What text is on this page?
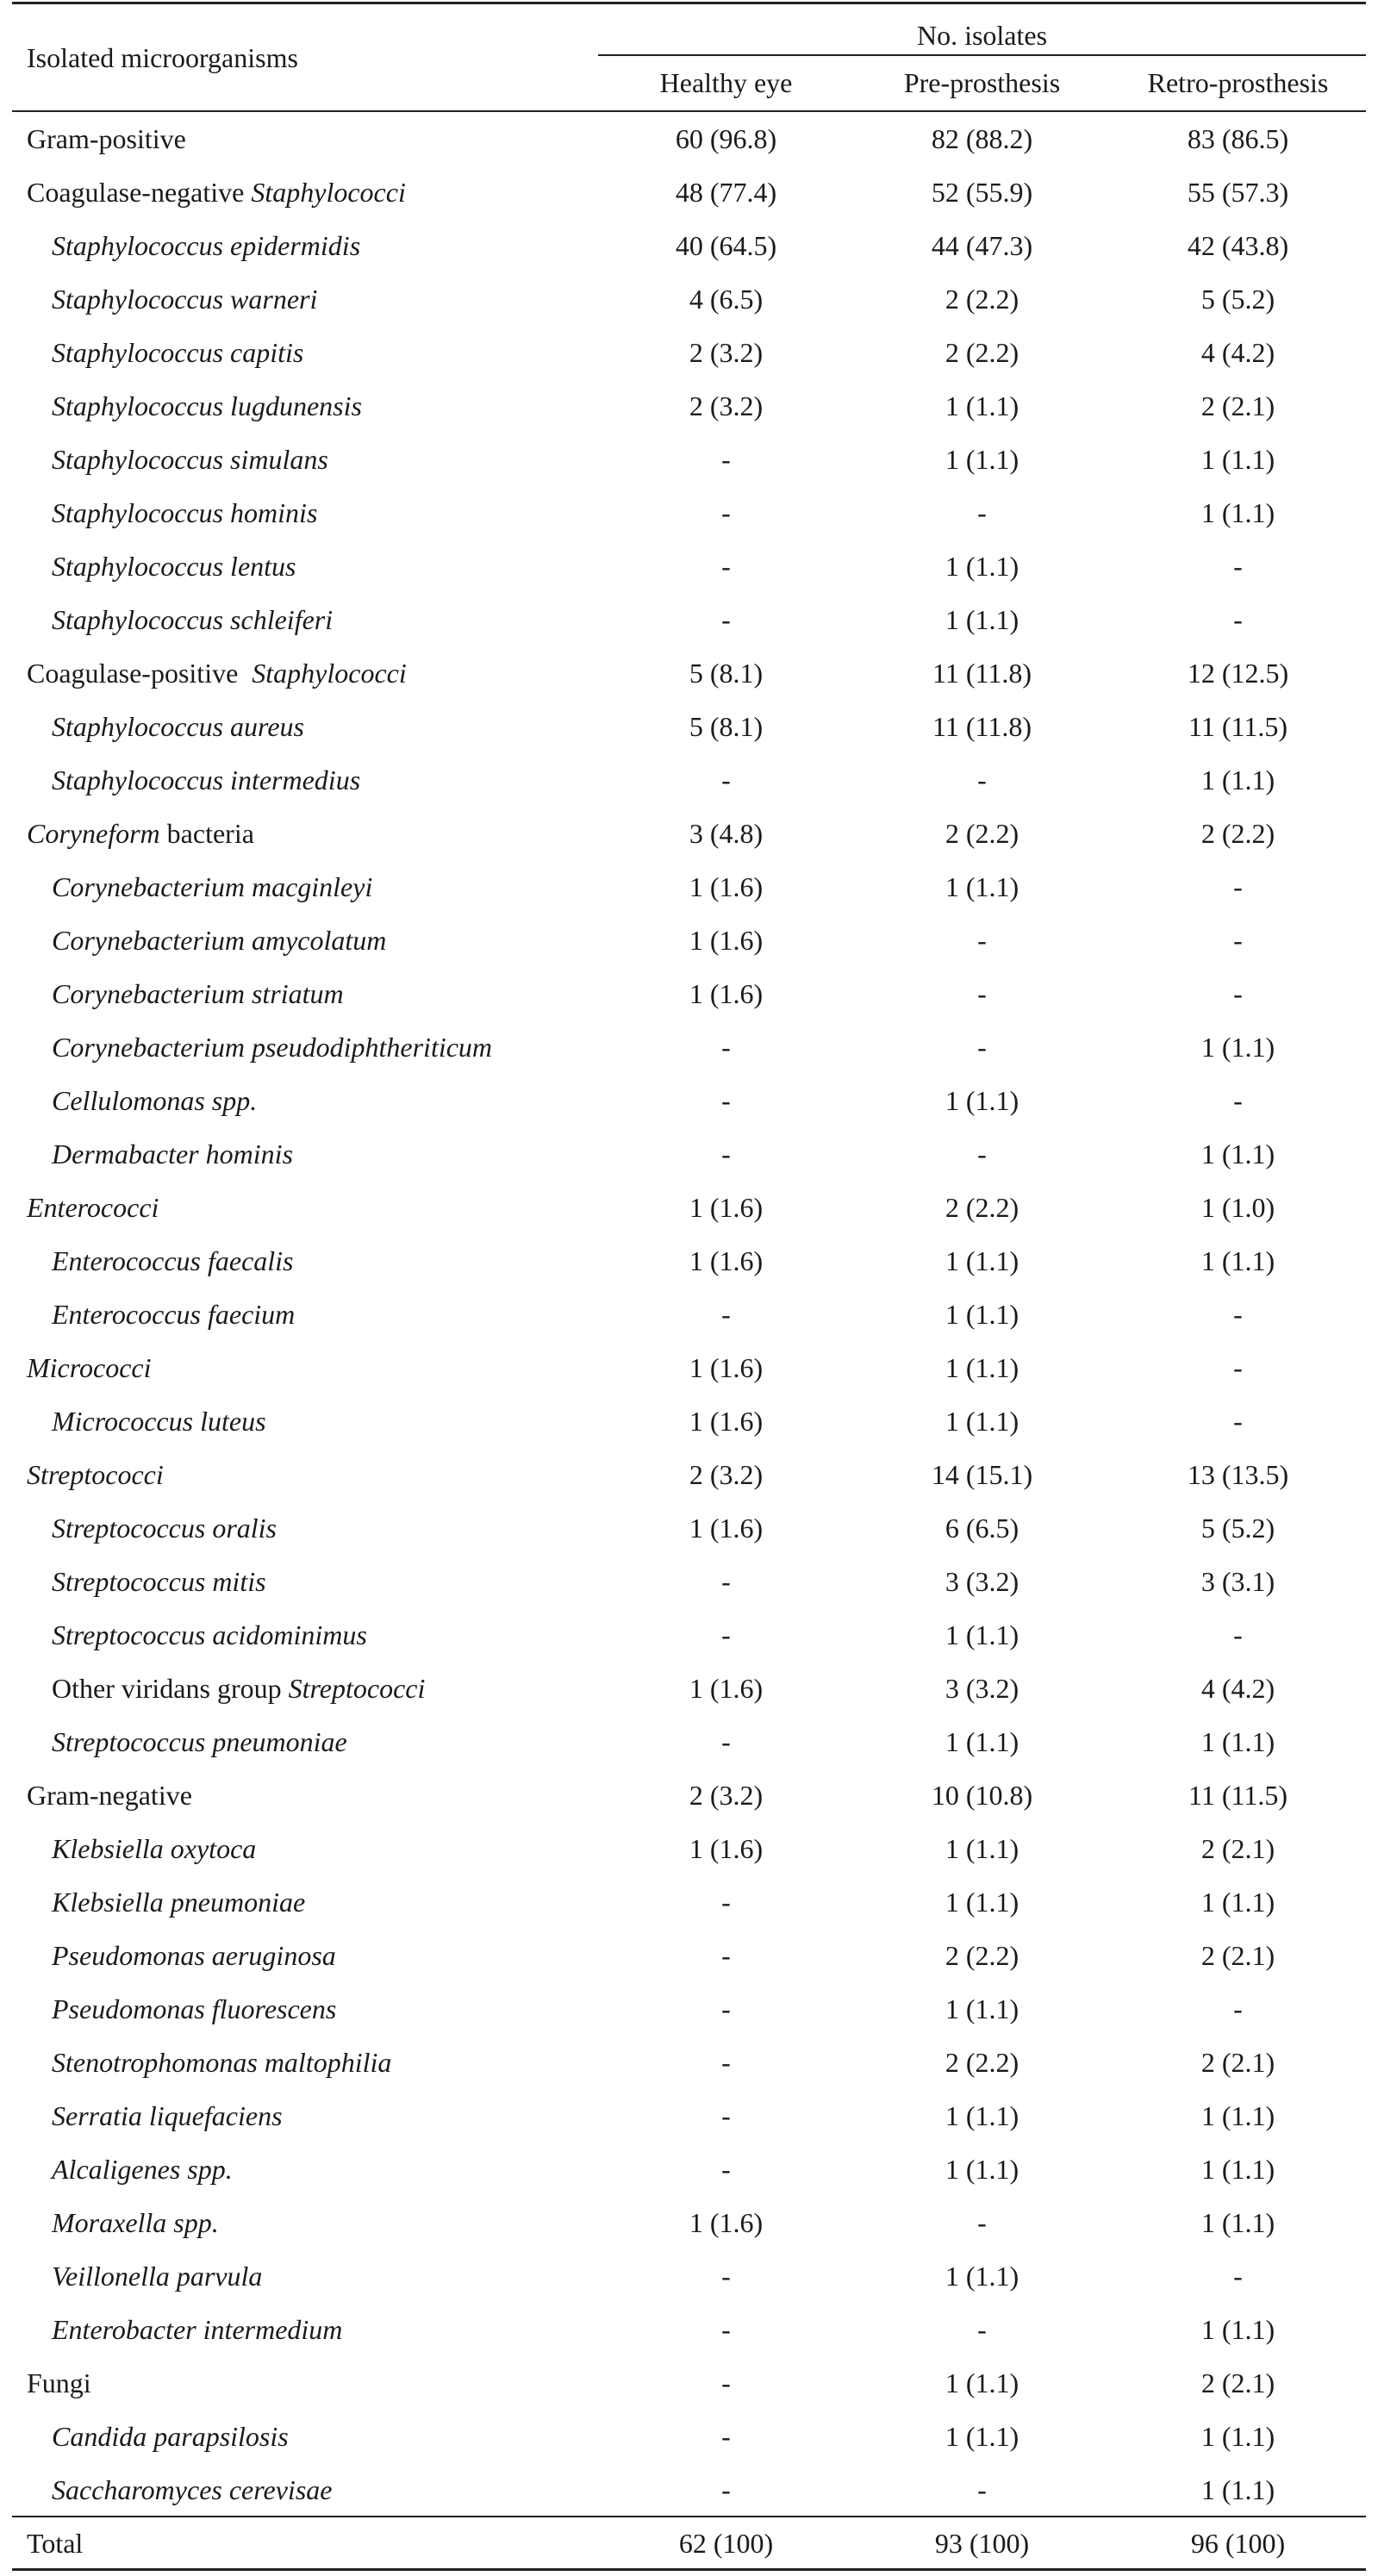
Isolated microorganisms
No. isolates
Healthy eye	Pre-prosthesis	Retro-prosthesis
Gram-positive	60 (96.8)	82 (88.2)	83 (86.5)
Coagulase-negative Staphylococci	48 (77.4)	52 (55.9)	55 (57.3)
Staphylococcus epidermidis	40 (64.5)	44 (47.3)	42 (43.8)
Staphylococcus warneri	4 (6.5)	2 (2.2)	5 (5.2)
Staphylococcus capitis	2 (3.2)	2 (2.2)	4 (4.2)
Staphylococcus lugdunensis	2 (3.2)	1 (1.1)	2 (2.1)
Staphylococcus simulans	-	1 (1.1)	1 (1.1)
Staphylococcus hominis	-	-	1 (1.1)
Staphylococcus lentus	-	1 (1.1)	-
Staphylococcus schleiferi	-	1 (1.1)	-
Coagulase-positive  Staphylococci	5 (8.1)	11 (11.8)	12 (12.5)
Staphylococcus aureus	5 (8.1)	11 (11.8)	11 (11.5)
Staphylococcus intermedius	-	-	1 (1.1)
Coryneform bacteria	3 (4.8)	2 (2.2)	2 (2.2)
Corynebacterium macginleyi	1 (1.6)	1 (1.1)	-
Corynebacterium amycolatum	1 (1.6)	-	-
Corynebacterium striatum	1 (1.6)	-	-
Corynebacterium pseudodiphtheriticum	-	-	1 (1.1)
Cellulomonas spp.	-	1 (1.1)	-
Dermabacter hominis	-	-	1 (1.1)
Enterococci	1 (1.6)	2 (2.2)	1 (1.0)
Enterococcus faecalis	1 (1.6)	1 (1.1)	1 (1.1)
Enterococcus faecium	-	1 (1.1)	-
Micrococci	1 (1.6)	1 (1.1)	-
Micrococcus luteus	1 (1.6)	1 (1.1)	-
Streptococci	2 (3.2)	14 (15.1)	13 (13.5)
Streptococcus oralis	1 (1.6)	6 (6.5)	5 (5.2)
Streptococcus mitis	-	3 (3.2)	3 (3.1)
Streptococcus acidominimus	-	1 (1.1)	-
Other viridans group Streptococci	1 (1.6)	3 (3.2)	4 (4.2)
Streptococcus pneumoniae	-	1 (1.1)	1 (1.1)
Gram-negative	2 (3.2)	10 (10.8)	11 (11.5)
Klebsiella oxytoca	1 (1.6)	1 (1.1)	2 (2.1)
Klebsiella pneumoniae	-	1 (1.1)	1 (1.1)
Pseudomonas aeruginosa	-	2 (2.2)	2 (2.1)
Pseudomonas fluorescens	-	1 (1.1)	-
Stenotrophomonas maltophilia	-	2 (2.2)	2 (2.1)
Serratia liquefaciens	-	1 (1.1)	1 (1.1)
Alcaligenes spp.	-	1 (1.1)	1 (1.1)
Moraxella spp.	1 (1.6)	-	1 (1.1)
Veillonella parvula	-	1 (1.1)	-
Enterobacter intermedium	-	-	1 (1.1)
Fungi	-	1 (1.1)	2 (2.1)
Candida parapsilosis	-	1 (1.1)	1 (1.1)
Saccharomyces cerevisae	-	-	1 (1.1)
Total	62 (100)	93 (100)	96 (100)
